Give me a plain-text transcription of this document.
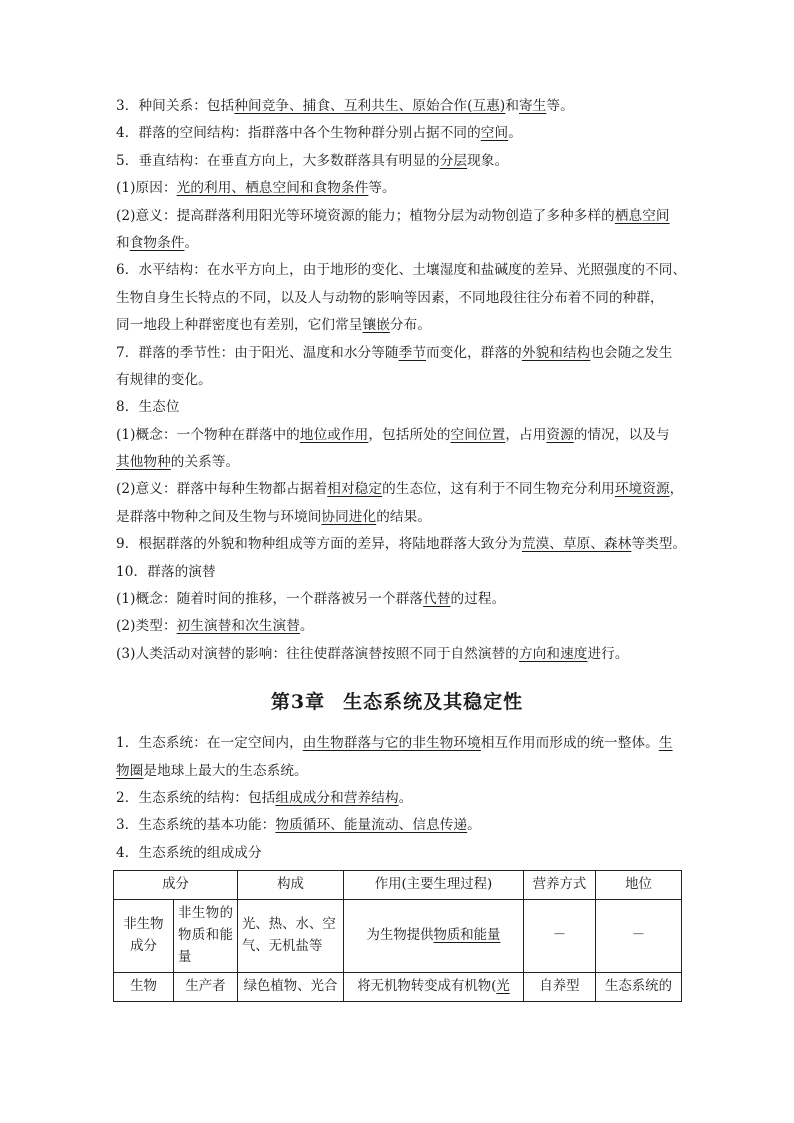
3．种间关系：包括种间竞争、捕食、互利共生、原始合作(互惠)和寄生等。
4．群落的空间结构：指群落中各个生物种群分别占据不同的空间。
5．垂直结构：在垂直方向上，大多数群落具有明显的分层现象。
(1)原因：光的利用、栖息空间和食物条件等。
(2)意义：提高群落利用阳光等环境资源的能力；植物分层为动物创造了多种多样的栖息空间
和食物条件。
6．水平结构：在水平方向上，由于地形的变化、土壤湿度和盐碱度的差异、光照强度的不同、
生物自身生长特点的不同，以及人与动物的影响等因素，不同地段往往分布着不同的种群，
同一地段上种群密度也有差别，它们常呈镶嵌分布。
7．群落的季节性：由于阳光、温度和水分等随季节而变化，群落的外貌和结构也会随之发生
有规律的变化。
8．生态位
(1)概念：一个物种在群落中的地位或作用，包括所处的空间位置，占用资源的情况，以及与
其他物种的关系等。
(2)意义：群落中每种生物都占据着相对稳定的生态位，这有利于不同生物充分利用环境资源，
是群落中物种之间及生物与环境间协同进化的结果。
9．根据群落的外貌和物种组成等方面的差异，将陆地群落大致分为荒漠、草原、森林等类型。
10．群落的演替
(1)概念：随着时间的推移，一个群落被另一个群落代替的过程。
(2)类型：初生演替和次生演替。
(3)人类活动对演替的影响：往往使群落演替按照不同于自然演替的方向和速度进行。
第3章 生态系统及其稳定性
1．生态系统：在一定空间内，由生物群落与它的非生物环境相互作用而形成的统一整体。生
物圈是地球上最大的生态系统。
2．生态系统的结构：包括组成成分和营养结构。
3．生态系统的基本功能：物质循环、能量流动、信息传递。
4．生态系统的组成成分
成分		构成	作用(主要生理过程)	营养方式	地位
非生物成分	非生物的物质和能量	光、热、水、空气、无机盐等	为生物提供物质和能量	－	－

生物	生产者	绿色植物、光合	将无机物转变成有机物(光	自养型	生态系统的
